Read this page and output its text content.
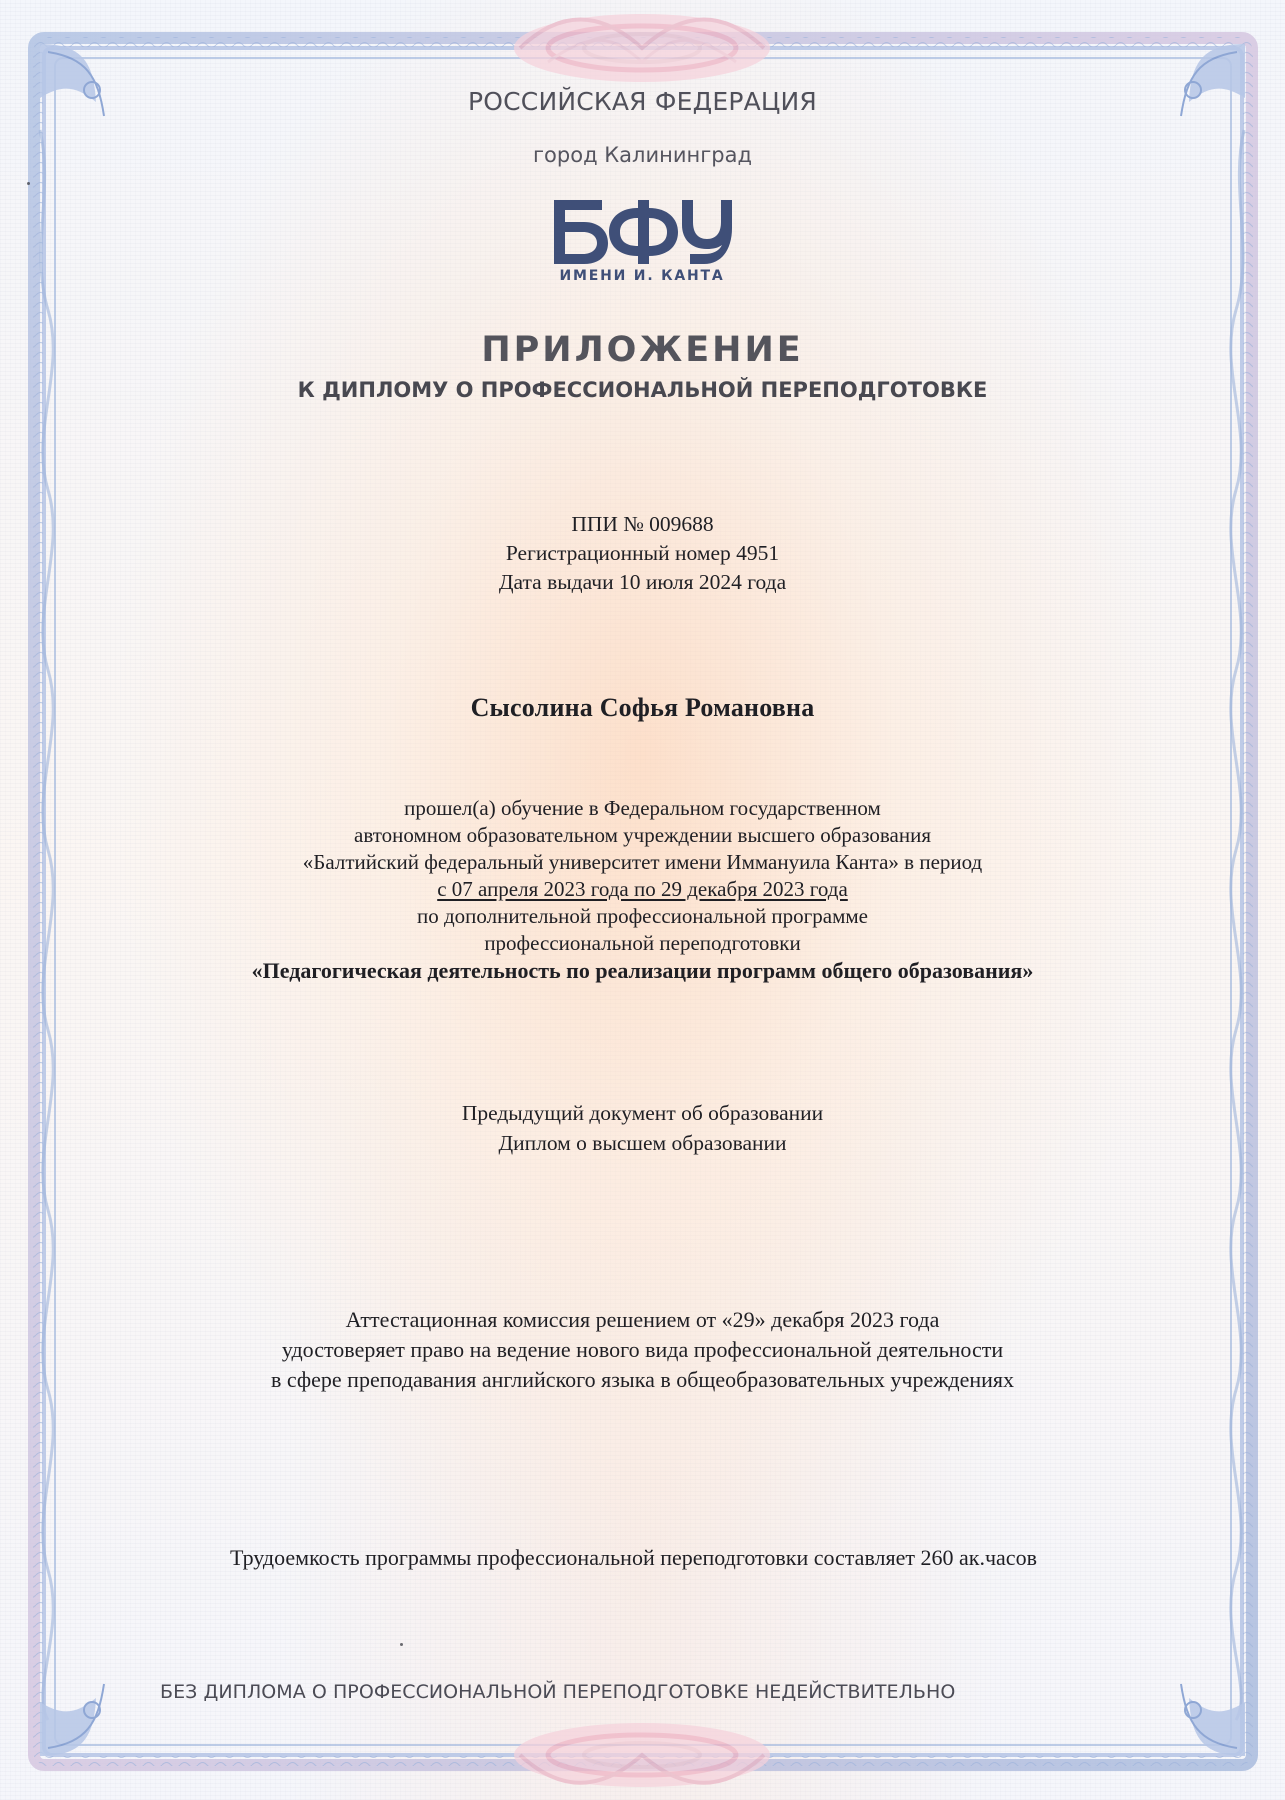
РОССИЙСКАЯ ФЕДЕРАЦИЯ
город Калининград
ИМЕНИ И. КАНТА
ПРИЛОЖЕНИЕ
К ДИПЛОМУ О ПРОФЕССИОНАЛЬНОЙ ПЕРЕПОДГОТОВКЕ
ППИ № 009688
Регистрационный номер 4951
Дата выдачи 10 июля 2024 года
Сысолина Софья Романовна
прошел(а) обучение в Федеральном государственном
автономном образовательном учреждении высшего образования
«Балтийский федеральный университет имени Иммануила Канта» в период
с 07 апреля 2023 года по 29 декабря 2023 года
по дополнительной профессиональной программе
профессиональной переподготовки
«Педагогическая деятельность по реализации программ общего образования»
Предыдущий документ об образовании
Диплом о высшем образовании
Аттестационная комиссия решением от «29» декабря 2023 года
удостоверяет право на ведение нового вида профессиональной деятельности
в сфере преподавания английского языка в общеобразовательных учреждениях
Трудоемкость программы профессиональной переподготовки составляет 260 ак.часов
БЕЗ ДИПЛОМА О ПРОФЕССИОНАЛЬНОЙ ПЕРЕПОДГОТОВКЕ НЕДЕЙСТВИТЕЛЬНО
